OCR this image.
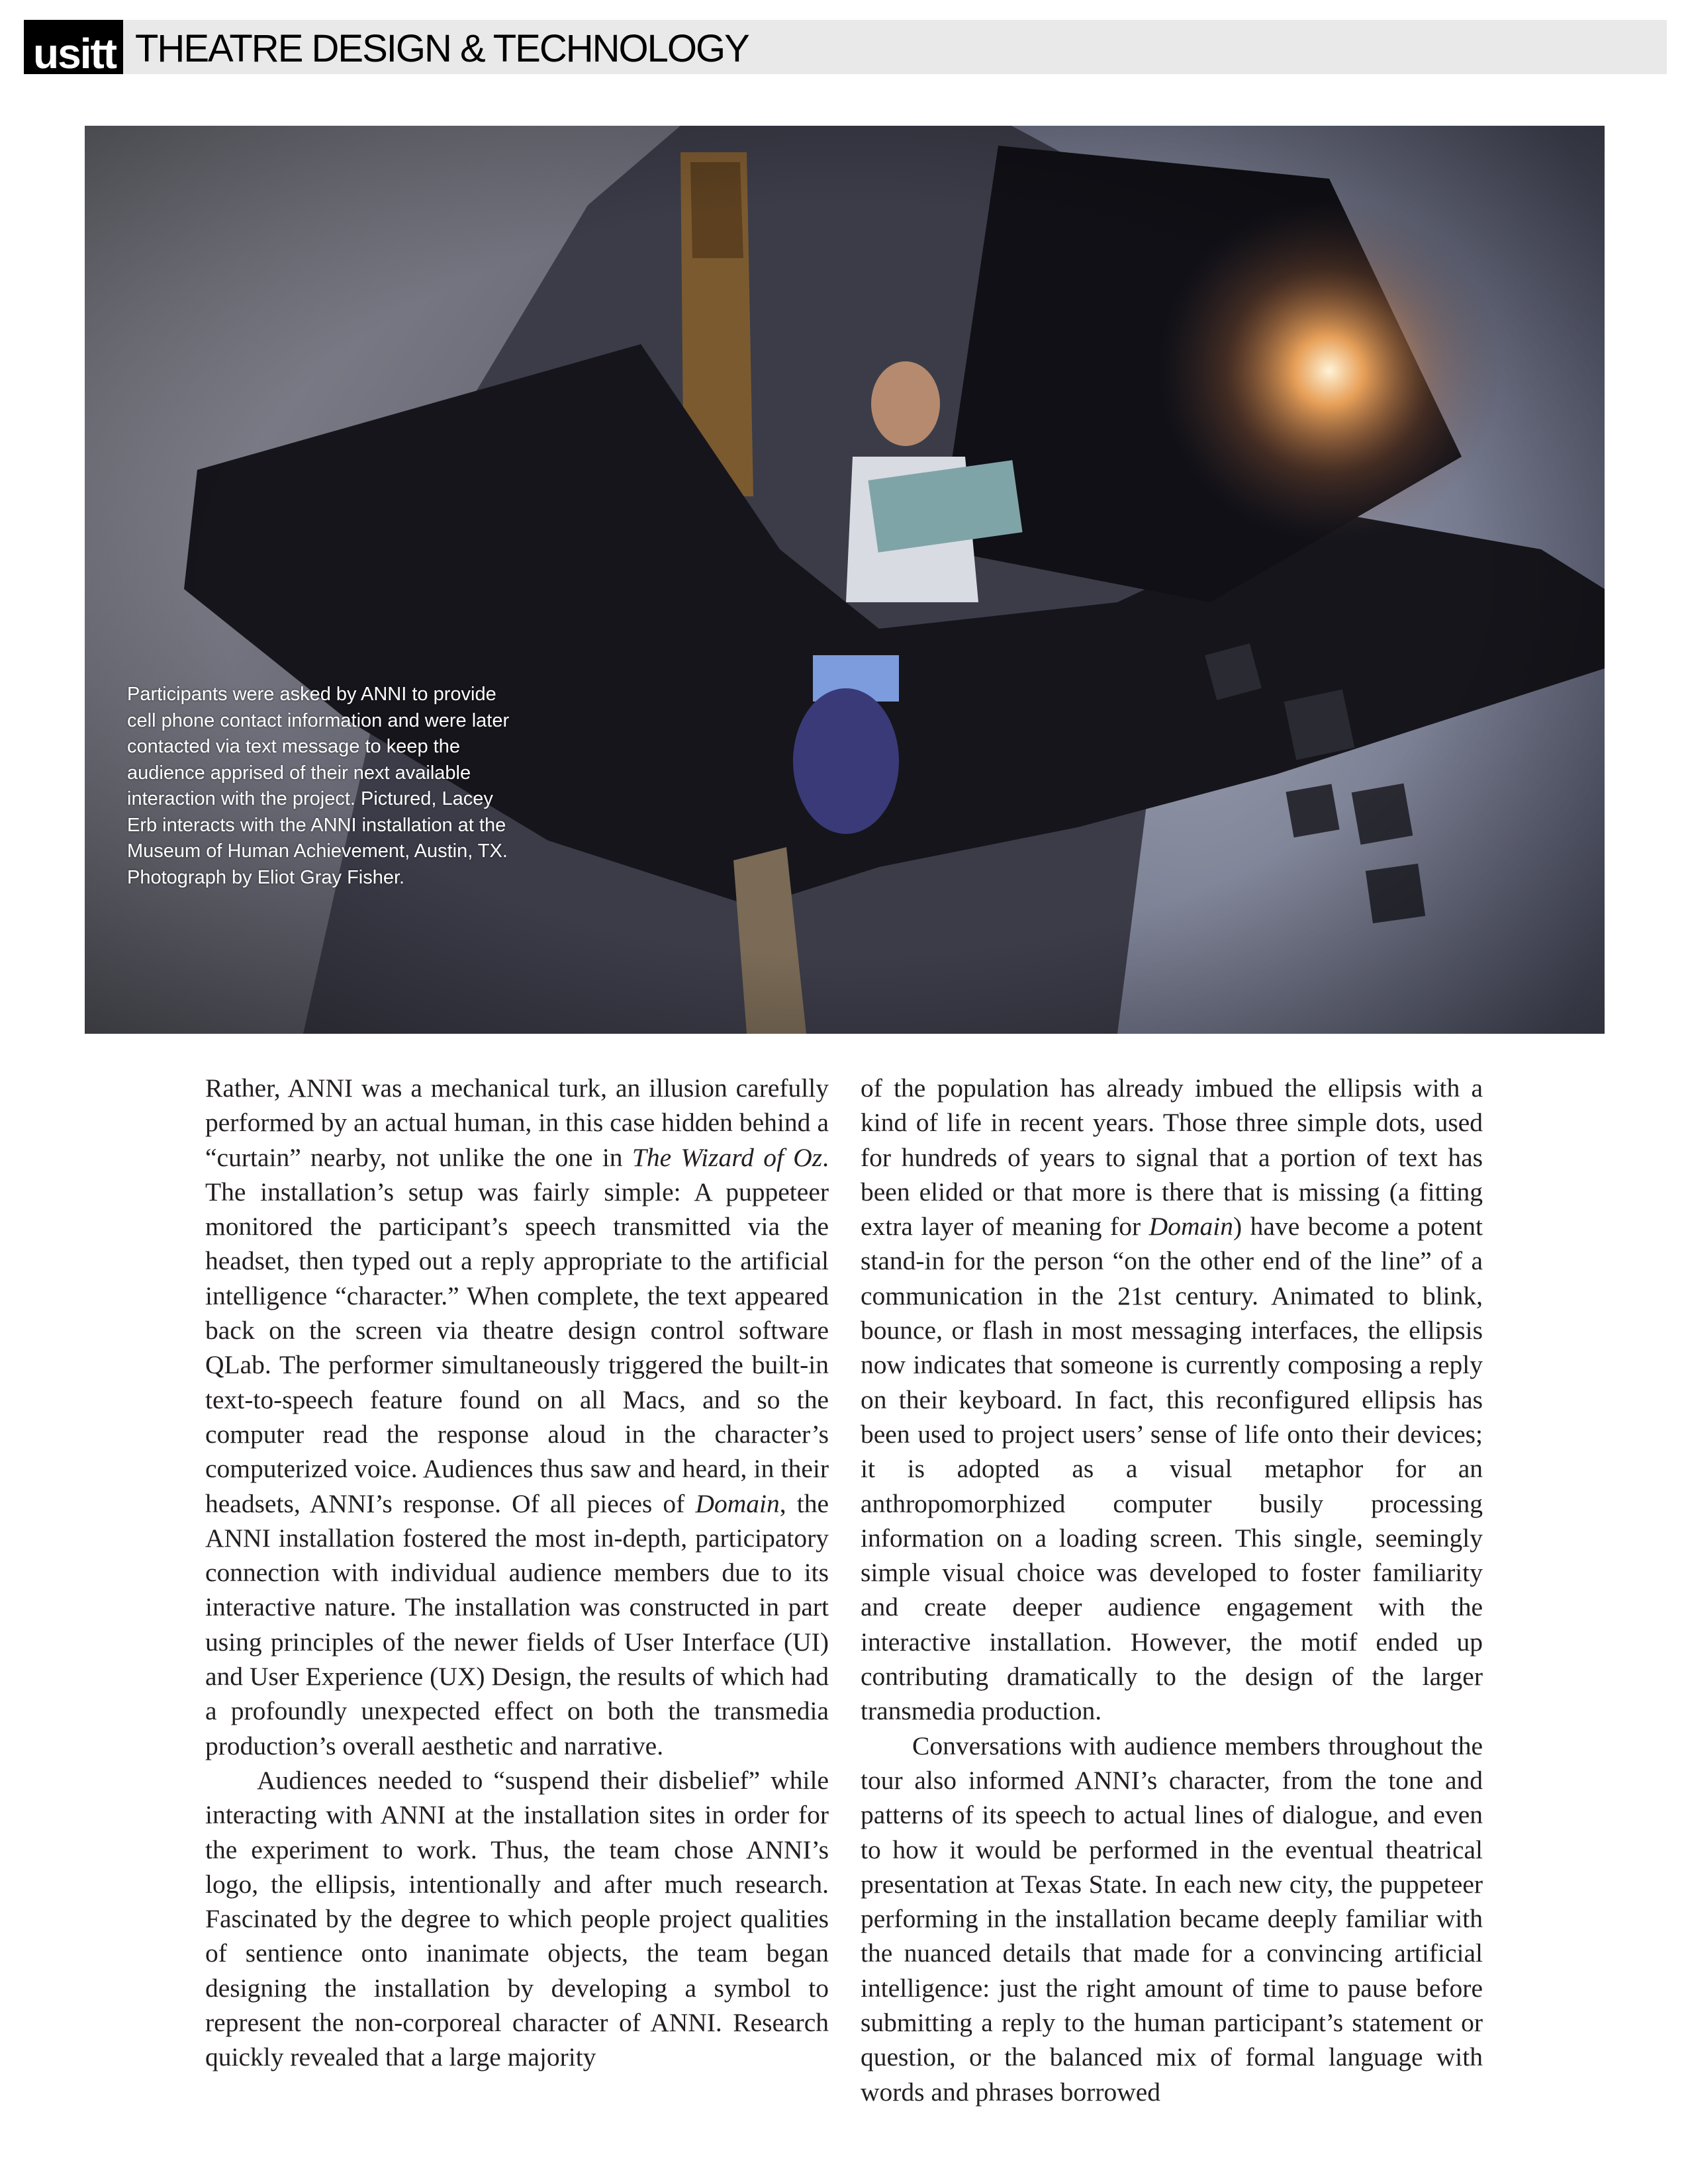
usitt THEATRE DESIGN & TECHNOLOGY

Participants were asked by ANNI to provide cell phone contact information and were later contacted via text message to keep the audience apprised of their next available interaction with the project. Pictured, Lacey Erb interacts with the ANNI installation at the Museum of Human Achievement, Austin, TX. Photograph by Eliot Gray Fisher.

Rather, ANNI was a mechanical turk, an illusion carefully performed by an actual human, in this case hidden behind a “curtain” nearby, not unlike the one in The Wizard of Oz. The installation’s setup was fairly simple: A puppeteer monitored the participant’s speech transmitted via the headset, then typed out a reply appropriate to the artificial intelligence “character.” When complete, the text appeared back on the screen via theatre design control software QLab. The performer simultaneously triggered the built-in text-to-speech feature found on all Macs, and so the computer read the response aloud in the character’s computerized voice. Audiences thus saw and heard, in their headsets, ANNI’s response. Of all pieces of Domain, the ANNI installation fostered the most in-depth, participatory connection with individual audience members due to its interactive nature. The installation was constructed in part using principles of the newer fields of User Interface (UI) and User Experience (UX) Design, the results of which had a profoundly unexpected effect on both the transmedia production’s overall aesthetic and narrative.

Audiences needed to “suspend their disbelief” while interacting with ANNI at the installation sites in order for the experiment to work. Thus, the team chose ANNI’s logo, the ellipsis, intentionally and after much research. Fascinated by the degree to which people project qualities of sentience onto inanimate objects, the team began designing the installation by developing a symbol to represent the non-corporeal character of ANNI. Research quickly revealed that a large majority

of the population has already imbued the ellipsis with a kind of life in recent years. Those three simple dots, used for hundreds of years to signal that a portion of text has been elided or that more is there that is missing (a fitting extra layer of meaning for Domain) have become a potent stand-in for the person “on the other end of the line” of a communication in the 21st century. Animated to blink, bounce, or flash in most messaging interfaces, the ellipsis now indicates that someone is currently composing a reply on their keyboard. In fact, this reconfigured ellipsis has been used to project users’ sense of life onto their devices; it is adopted as a visual metaphor for an anthropomorphized computer busily processing information on a loading screen. This single, seemingly simple visual choice was developed to foster familiarity and create deeper audience engagement with the interactive installation. However, the motif ended up contributing dramatically to the design of the larger transmedia production.

Conversations with audience members throughout the tour also informed ANNI’s character, from the tone and patterns of its speech to actual lines of dialogue, and even to how it would be performed in the eventual theatrical presentation at Texas State. In each new city, the puppeteer performing in the installation became deeply familiar with the nuanced details that made for a convincing artificial intelligence: just the right amount of time to pause before submitting a reply to the human participant’s statement or question, or the balanced mix of formal language with words and phrases borrowed
